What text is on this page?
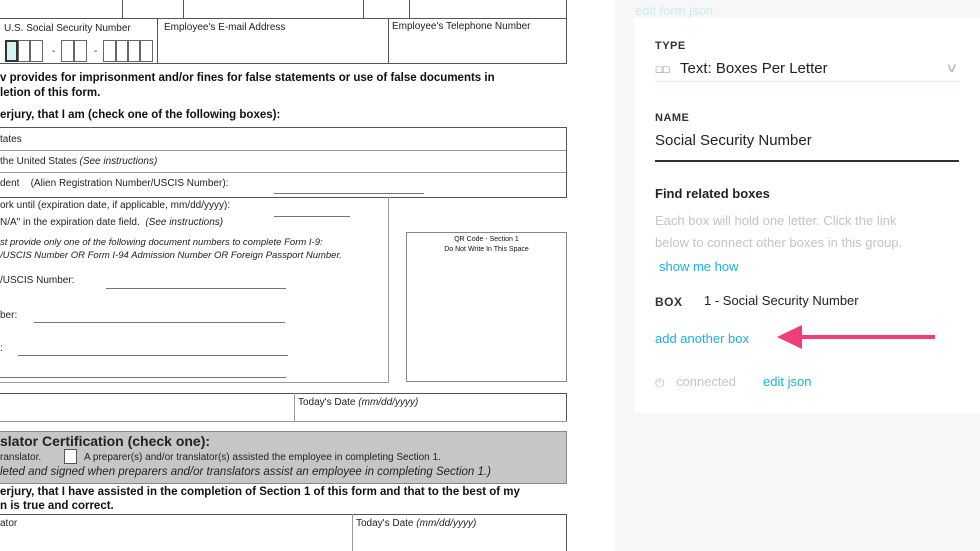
U.S. Social Security Number	Employee's E-mail Address	Employee's Telephone Number
-	-
v provides for imprisonment and/or fines for false statements or use of false documents in
letion of this form.
erjury, that I am (check one of the following boxes):
tates
the United States (See instructions)
dent (Alien Registration Number/USCIS Number):
ork until (expiration date, if applicable, mm/dd/yyyy):
N/A" in the expiration date field. (See instructions)
st provide only one of the following document numbers to complete Form I-9:
/USCIS Number OR Form I-94 Admission Number OR Foreign Passport Number.
/USCIS Number:
ber:
:
QR Code - Section 1
Do Not Write In This Space
Today's Date (mm/dd/yyyy)
slator Certification (check one):
ranslator.	A preparer(s) and/or translator(s) assisted the employee in completing Section 1.
leted and signed when preparers and/or translators assist an employee in completing Section 1.)
erjury, that I have assisted in the completion of Section 1 of this form and that to the best of my
n is true and correct.
ator	Today's Date (mm/dd/yyyy)
edit form json
TYPE
☐☐ Text: Boxes Per Letter	∨
NAME
Social Security Number
Find related boxes
Each box will hold one letter. Click the link
below to connect other boxes in this group.
show me how
BOX 1 - Social Security Number
add another box
⏻ connected edit json
